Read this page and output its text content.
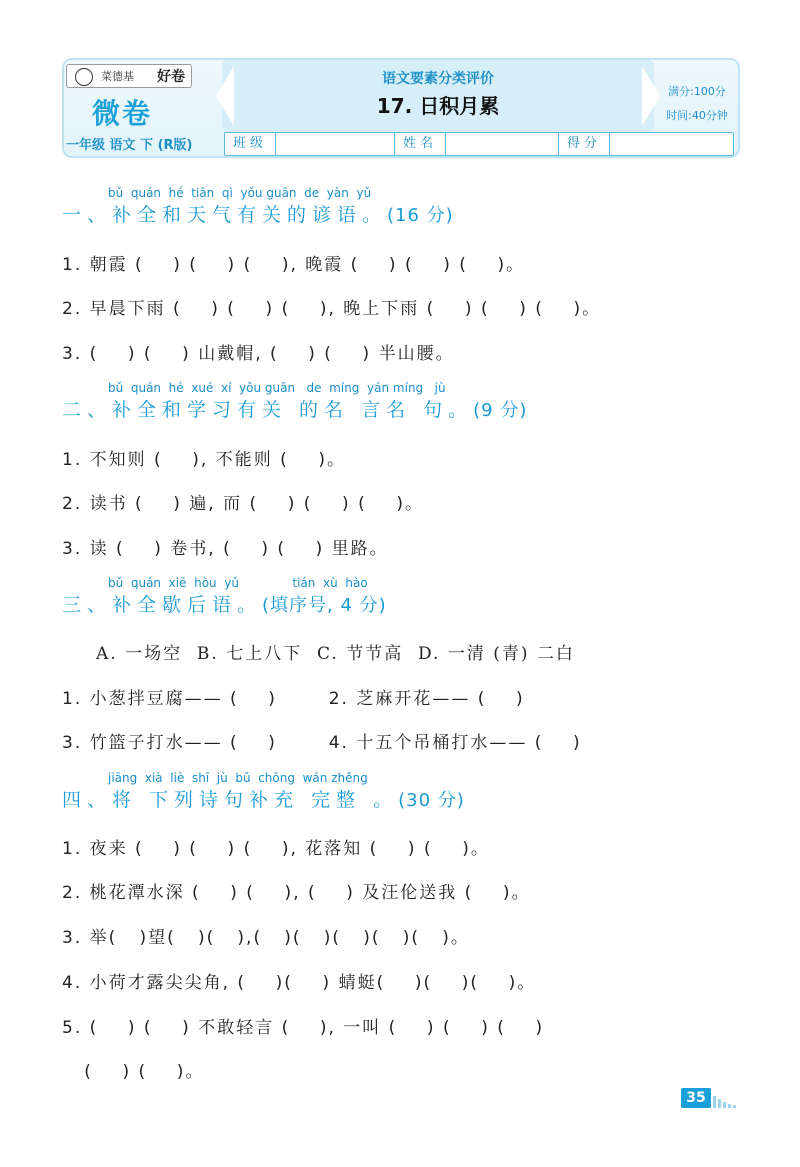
菜德基 好卷
微卷
一年级 语文 下 (R版)
语文要素分类评价
17. 日积月累
满分:100分
时间:40分钟
班级	姓名	得分
bǔ  quán  hé  tiān  qì  yǒu guān  de  yàn  yǔ
一、补全和天气有关的谚语。(16 分)
1. 朝霞 (    ) (    ) (    ), 晚霞 (    ) (    ) (    )。
2. 早晨下雨 (    ) (    ) (    ), 晚上下雨 (    ) (    ) (    )。
3. (    ) (    ) 山戴帽, (    ) (    ) 半山腰。
bǔ  quán  hé  xué  xí  yǒu guān   de  míng  yán míng   jù
二、补全和学习有关 的名 言名 句。(9 分)
1. 不知则 (    ), 不能则 (    )。
2. 读书 (    ) 遍, 而 (    ) (    ) (    )。
3. 读 (    ) 卷书, (    ) (    ) 里路。
bǔ  quán  xiē  hòu  yǔ              tián  xù  hào
三、补全歇后语。(填序号, 4 分)
A. 一场空  B. 七上八下  C. 节节高  D. 一清 (青) 二白
1. 小葱拌豆腐—— (    )       2. 芝麻开花—— (    )
3. 竹篮子打水—— (    )       4. 十五个吊桶打水—— (    )
jiāng  xià  liè  shī  jù  bǔ  chōng  wán zhěng
四、将 下列诗句补充 完整 。(30 分)
1. 夜来 (    ) (    ) (    ), 花落知 (    ) (    )。
2. 桃花潭水深 (    ) (    ), (    ) 及汪伦送我 (    )。
3. 举(   )望(   )(   ),(   )(   )(   )(   )(   )。
4. 小荷才露尖尖角, (    )(    ) 蜻蜓(    )(    )(    )。
5. (    ) (    ) 不敢轻言 (    ), 一叫 (    ) (    ) (    )
(    ) (    )。
35
